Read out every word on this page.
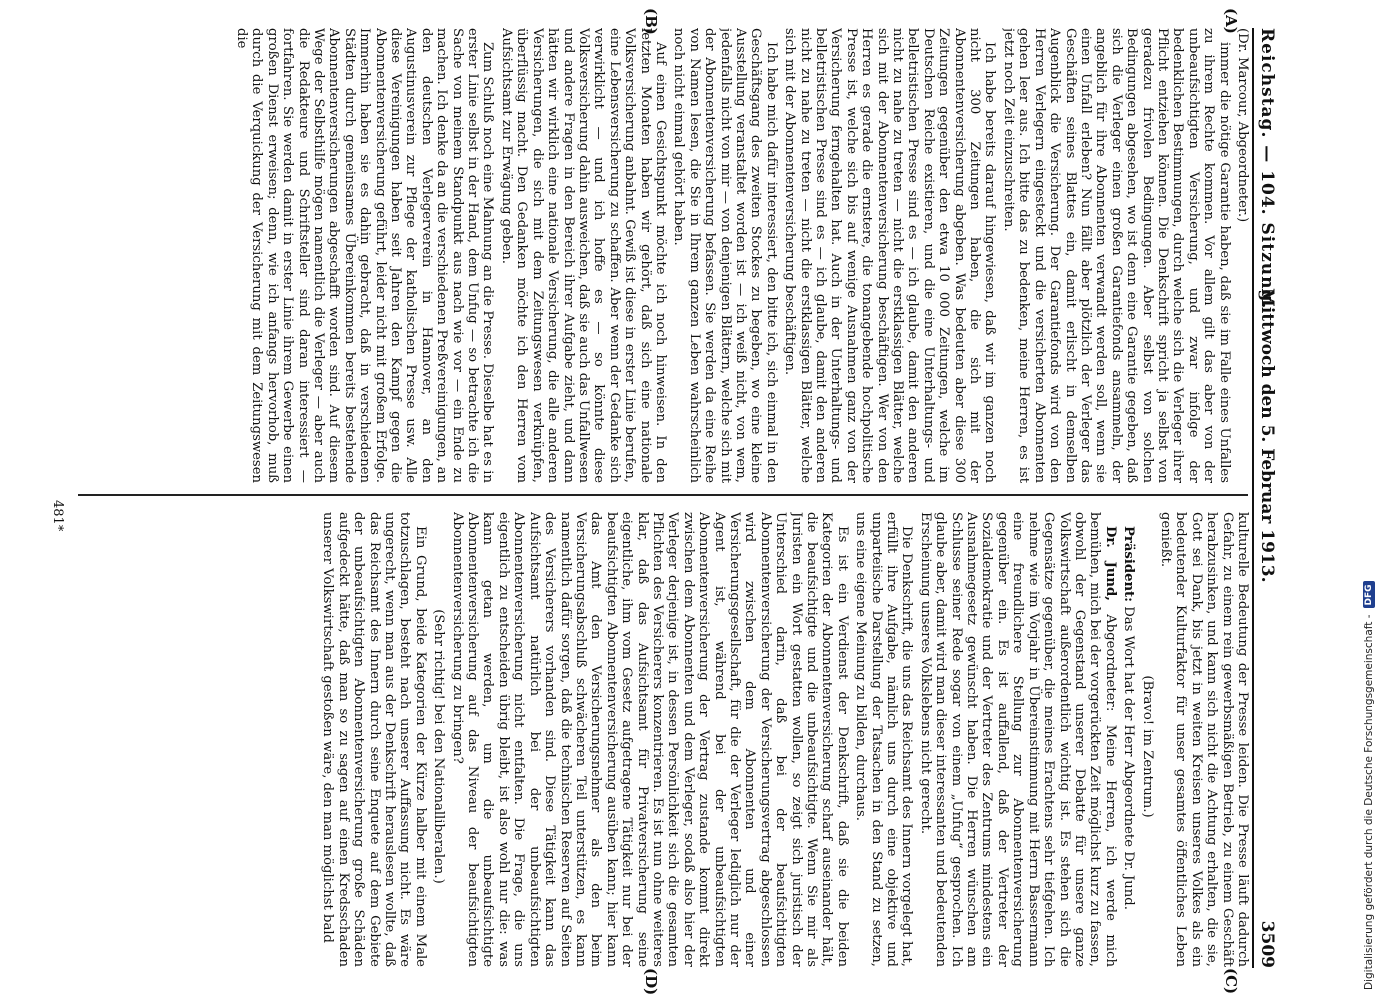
Reichstag. — 104. Sitzung.
Mittwoch den 5. Februar 1913.
3509
(A)
(B)
(C)
(D)

(Dr. Marcour, Abgeordneter.)

immer die nötige Garantie haben, daß sie im Falle eines Unfalles zu ihrem Rechte kommen. Vor allem gilt das aber von der unbeaufsichtigten Versicherung, und zwar infolge der bedenklichen Bestimmungen, durch welche sich die Verleger ihrer Pflicht entziehen können. Die Denkschrift spricht ja selbst von geradezu frivolen Bedingungen. Aber selbst von solchen Bedingungen abgesehen, wo ist denn eine Garantie gegeben, daß sich die Verleger einen großen Garantiefonds ansammeln, der angeblich für ihre Abonnenten verwandt werden soll, wenn sie einen Unfall erleben? Nun fällt aber plötzlich der Verleger das Geschäften seines Blattes ein, damit erlischt in demselben Augenblick die Versicherung. Der Garantiefonds wird von den Herren Verlegern eingesteckt und die versicherten Abonnenten gehen leer aus. Ich bitte das zu bedenken, meine Herren, es ist jetzt noch Zeit einzuschreiten.

Ich habe bereits darauf hingewiesen, daß wir im ganzen noch nicht 300 Zeitungen haben, die sich mit der Abonnentenversicherung abgeben. Was bedeuten aber diese 300 Zeitungen gegenüber den etwa 10 000 Zeitungen, welche im Deutschen Reiche existieren, und die eine Unterhaltungs- und belletristischen Presse sind es — ich glaube, damit den anderen nicht zu nahe zu treten — nicht die erstklassigen Blätter, welche sich mit der Abonnentenversicherung beschäftigen. Wer von den Herren es gerade die ernstere, die tonangebende hochpolitische Presse ist, welche sich bis auf wenige Ausnahmen ganz von der Versicherung ferngehalten hat. Auch in der Unterhaltungs- und belletristischen Presse sind es — ich glaube, damit den anderen nicht zu nahe zu treten — nicht die erstklassigen Blätter, welche sich mit der Abonnentenversicherung beschäftigen.

Ich habe mich dafür interessiert, den bitte ich, sich einmal in den Geschäftsgang des zweiten Stockes zu begeben, wo eine kleine Ausstellung veranstaltet worden ist — ich weiß nicht, von wem, jedenfalls nicht von mir — von denjenigen Blättern, welche sich mit der Abonnentenversicherung befassen. Sie werden da eine Reihe von Namen lesen, die Sie in Ihrem ganzen Leben wahrscheinlich noch nicht einmal gehört haben.

Auf einen Gesichtspunkt möchte ich noch hinweisen. In den letzten Monaten haben wir gehört, daß sich eine nationale Volksversicherung anbahnt. Gewiß ist diese in erster Linie berufen, eine Lebensversicherung zu schaffen. Aber wenn der Gedanke sich verwirklicht — und ich hoffe es — so könnte diese Volksversicherung dahin ausweichen, daß sie auch das Unfallwesen und andere Fragen in den Bereich ihrer Aufgabe zieht, und dann hätten wir wirklich eine nationale Versicherung, die alle anderen Versicherungen, die sich mit dem Zeitungswesen verknüpfen, überflüssig macht. Den Gedanken möchte ich den Herren vom Aufsichtsamt zur Erwägung geben.

Zum Schluß noch eine Mahnung an die Presse. Dieselbe hat es in erster Linie selbst in der Hand, dem Unfug — so betrachte ich die Sache von meinem Standpunkt aus nach wie vor — ein Ende zu machen. Ich denke da an die verschiedenen Preßvereinigungen, an den deutschen Verlegerverein in Hannover, an den Augustinusverein zur Pflege der katholischen Presse usw. Alle diese Vereinigungen haben seit Jahren den Kampf gegen die Abonnentenversicherung geführt, leider nicht mit großem Erfolge. Immerhin haben sie es dahin gebracht, daß in verschiedenen Städten durch gemeinsames Übereinkommen bereits bestehende Abonnentenversicherungen abgeschafft worden sind. Auf diesem Wege der Selbsthilfe mögen namentlich die Verleger — aber auch die Redakteure und Schriftsteller sind daran interessiert — fortfahren. Sie werden damit in erster Linie ihrem Gewerbe einen großen Dienst erweisen; denn, wie ich anfangs hervorhob, muß durch die Verquickung der Versicherung mit dem Zeitungswesen die

kulturelle Bedeutung der Presse leiden. Die Presse läuft dadurch Gefahr, zu einem rein gewerbsmäßigen Betrieb, zu einem Geschäft herabzusinken, und kann sich nicht die Achtung erhalten, die sie, Gott sei Dank, bis jetzt in weiten Kreisen unseres Volkes als ein bedeutender Kulturfaktor für unser gesamtes öffentliches Leben genießt.

(Bravo! im Zentrum.)

Präsident: Das Wort hat der Herr Abgeordnete Dr. Jund.

Dr. Jund, Abgeordneter: Meine Herren, ich werde mich bemühen, mich bei der vorgerückten Zeit möglichst kurz zu fassen, obwohl der Gegenstand unserer Debatte für unsere ganze Volkswirtschaft außerordentlich wichtig ist. Es stehen sich die Gegensätze gegenüber, die meines Erachtens sehr tiefgehen. Ich nehme wie im Vorjahr in Übereinstimmung mit Herrn Bassermann eine freundlichere Stellung zur Abonnentenversicherung gegenüber ein. Es ist auffallend, daß der Vertreter der Sozialdemokratie und der Vertreter des Zentrums mindestens ein Ausnahmegesetz gewünscht haben. Die Herren wünschen am Schlusse seiner Rede sogar von einem „Unfug“ gesprochen. Ich glaube aber, damit wird man dieser interessanten und bedeutenden Erscheinung unseres Volkslebens nicht gerecht.

Die Denkschrift, die uns das Reichsamt des Innern vorgelegt hat, erfüllt ihre Aufgabe, nämlich uns durch eine objektive und unparteiische Darstellung der Tatsachen in den Stand zu setzen, uns eine eigene Meinung zu bilden, durchaus.

Es ist ein Verdienst der Denkschrift, daß sie die beiden Kategorien der Abonnentenversicherung scharf auseinander hält, die beaufsichtigte und die unbeaufsichtigte. Wenn Sie mir als Juristen ein Wort gestatten wollen, so zeigt sich juristisch der Unterschied darin, daß bei der beaufsichtigten Abonnentenversicherung der Versicherungsvertrag abgeschlossen wird zwischen dem Abonnenten und einer Versicherungsgesellschaft, für die der Verleger lediglich nur der Agent ist, während bei der unbeaufsichtigten Abonnentenversicherung der Vertrag zustande kommt direkt zwischen dem Abonnenten und dem Verleger, sodaß also hier der Verleger derjenige ist, in dessen Persönlichkeit sich die gesamten Pflichten des Versicherers konzentrieren. Es ist nun ohne weiteres klar, daß das Aufsichtsamt für Privatversicherung seine eigentliche, ihm vom Gesetz aufgetragene Tätigkeit nur bei der beaufsichtigten Abonnentenversicherung ausüben kann; hier kann das Amt den Versicherungsnehmer als den beim Versicherungsabschluß schwächeren Teil unterstützen, es kann namentlich dafür sorgen, daß die technischen Reserven auf Seiten des Versicherers vorhanden sind. Diese Tätigkeit kann das Aufsichtsamt natürlich bei der unbeaufsichtigten Abonnentenversicherung nicht entfalten. Die Frage, die uns eigentlich zu entscheiden übrig bleibt, ist also wohl nur die: was kann getan werden, um die unbeaufsichtigte Abonnentenversicherung auf das Niveau der beaufsichtigten Abonnentenversicherung zu bringen?

(Sehr richtig! bei den Nationalliberalen.)

Ein Grund, beide Kategorien der Kürze halber mit einem Male totzuschlagen, besteht nach unserer Auffassung nicht. Es wäre ungerecht, wenn man aus der Denkschrift herauslesen wollte, daß das Reichsamt des Innern durch seine Enquete auf dem Gebiete der unbeaufsichtigten Abonnentenversicherung große Schäden aufgedeckt hätte, daß man so zu sagen auf einen Kredsschaden unserer Volkswirtschaft gestoßen wäre, den man möglichst bald

481*
Digitalisierung gefördert durch die Deutsche Forschungsgemeinschaft -
DFG
